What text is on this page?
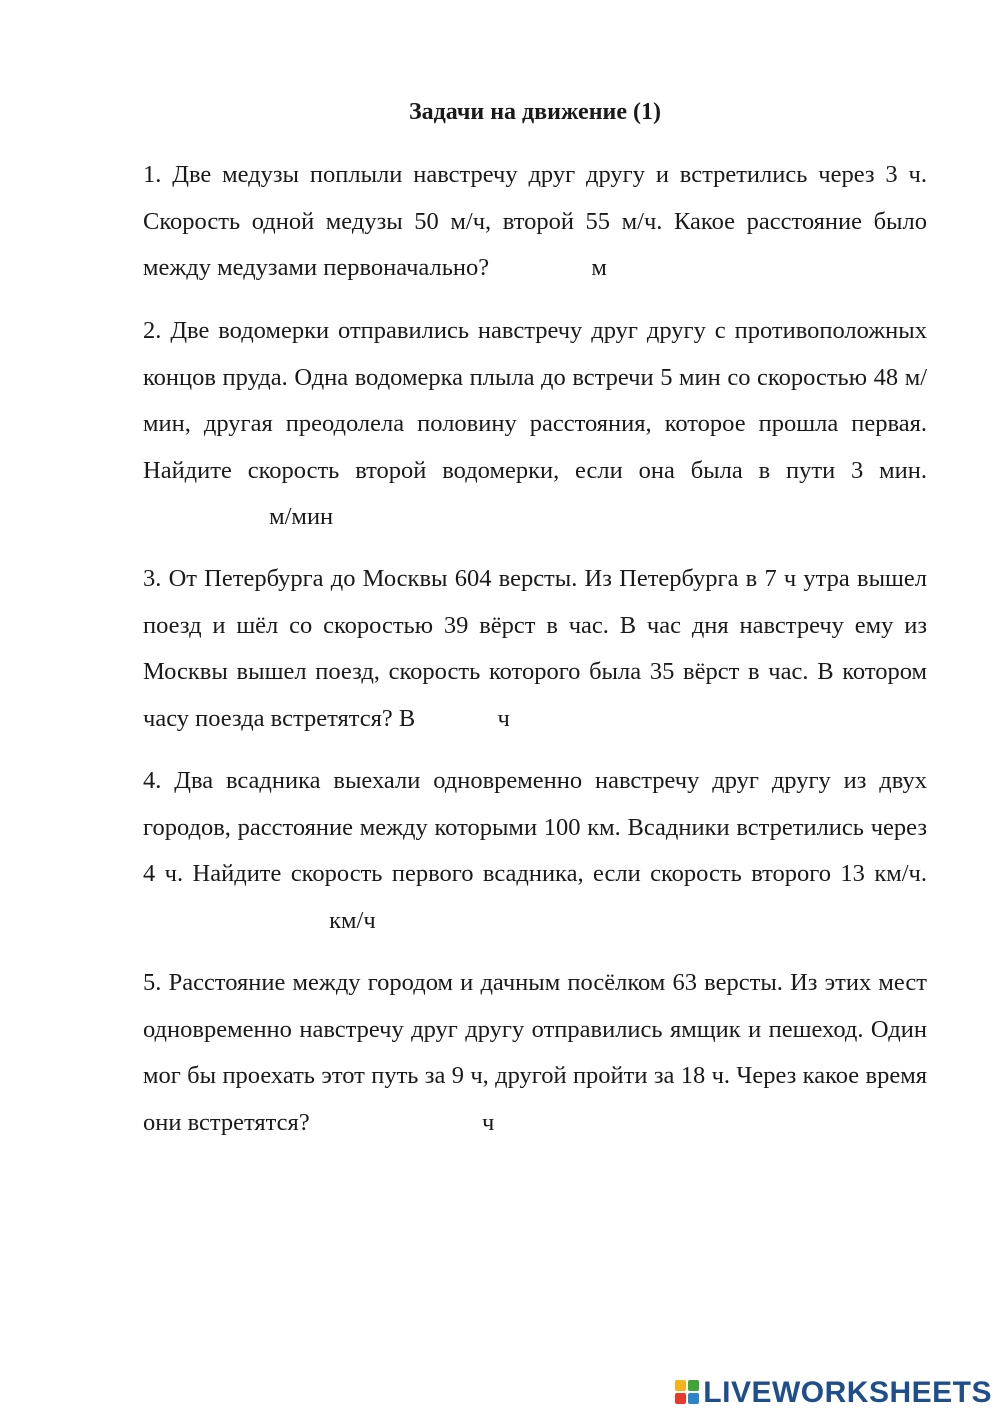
Задачи на движение (1)
1. Две медузы поплыли навстречу друг другу и встретились через 3 ч. Скорость одной медузы 50 м/ч, второй 55 м/ч. Какое расстояние было между медузами первоначально?	м
2. Две водомерки отправились навстречу друг другу с противоположных концов пруда. Одна водомерка плыла до встречи 5 мин со скоростью 48 м/мин, другая преодолела половину расстояния, которое прошла первая. Найдите скорость второй водомерки, если она была в пути 3 мин.  м/мин
3. От Петербурга до Москвы 604 версты. Из Петербурга в 7 ч утра вышел поезд и шёл со скоростью 39 вёрст в час. В час дня навстречу ему из Москвы вышел поезд, скорость которого была 35 вёрст в час. В котором часу поезда встретятся? В	ч
4. Два всадника выехали одновременно навстречу друг другу из двух городов, расстояние между которыми 100 км. Всадники встретились через 4 ч. Найдите скорость первого всадника, если скорость второго 13 км/ч.  км/ч
5. Расстояние между городом и дачным посёлком 63 версты. Из этих мест одновременно навстречу друг другу отправились ямщик и пешеход. Один мог бы проехать этот путь за 9 ч, другой пройти за 18 ч. Через какое время они встретятся?	ч
LIVEWORKSHEETS
